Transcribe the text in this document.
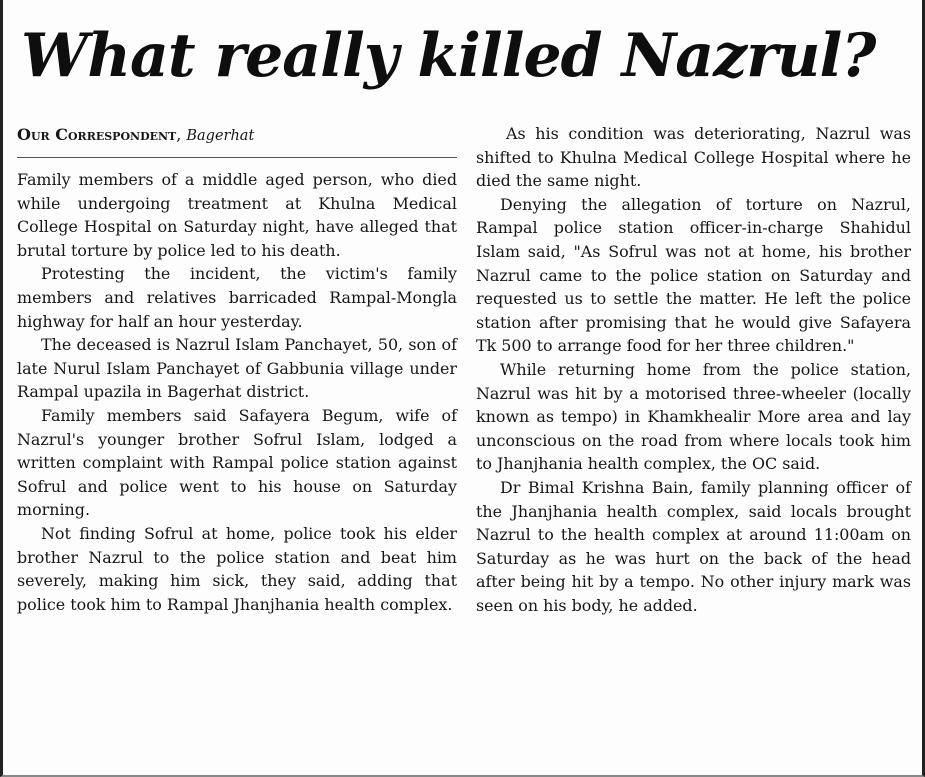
What really killed Nazrul?

Our Correspondent, Bagerhat

Family members of a middle aged person, who died while undergoing treatment at Khulna Medical College Hospital on Saturday night, have alleged that brutal torture by police led to his death.

Protesting the incident, the victim's family members and relatives barricaded Rampal-Mongla highway for half an hour yesterday.

The deceased is Nazrul Islam Panchayet, 50, son of late Nurul Islam Panchayet of Gabbunia village under Rampal upazila in Bagerhat district.

Family members said Safayera Begum, wife of Nazrul's younger brother Sofrul Islam, lodged a written complaint with Rampal police station against Sofrul and police went to his house on Saturday morning.

Not finding Sofrul at home, police took his elder brother Nazrul to the police station and beat him severely, making him sick, they said, adding that police took him to Rampal Jhanjhania health complex.

As his condition was deteriorating, Nazrul was shifted to Khulna Medical College Hospital where he died the same night.

Denying the allegation of torture on Nazrul, Rampal police station officer-in-charge Shahidul Islam said, "As Sofrul was not at home, his brother Nazrul came to the police station on Saturday and requested us to settle the matter. He left the police station after promising that he would give Safayera Tk 500 to arrange food for her three children."

While returning home from the police station, Nazrul was hit by a motorised three-wheeler (locally known as tempo) in Khamkhealir More area and lay unconscious on the road from where locals took him to Jhanjhania health complex, the OC said.

Dr Bimal Krishna Bain, family planning officer of the Jhanjhania health complex, said locals brought Nazrul to the health complex at around 11:00am on Saturday as he was hurt on the back of the head after being hit by a tempo. No other injury mark was seen on his body, he added.
